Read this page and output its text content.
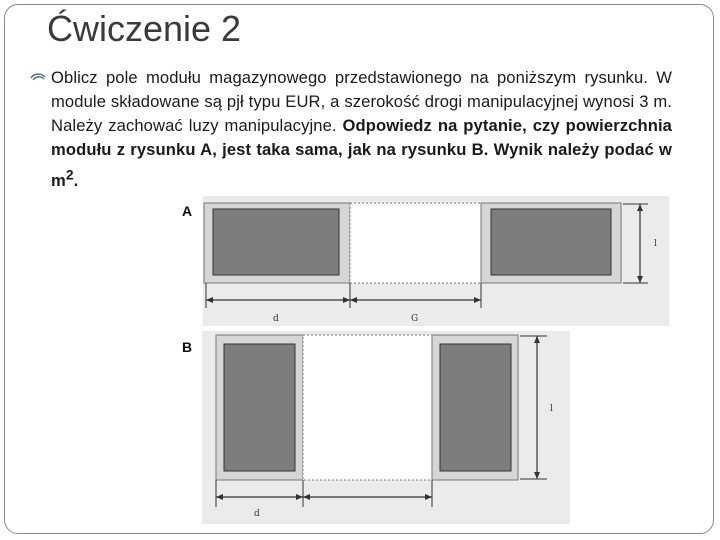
Ćwiczenie 2
Oblicz pole modułu magazynowego przedstawionego na poniższym rysunku. W module składowane są pjł typu EUR, a szerokość drogi manipulacyjnej wynosi 3 m. Należy zachować luzy manipulacyjne. Odpowiedz na pytanie, czy powierzchnia modułu z rysunku A, jest taka sama, jak na rysunku B. Wynik należy podać w $m^2$.
A
d	G
l
B
d
l
